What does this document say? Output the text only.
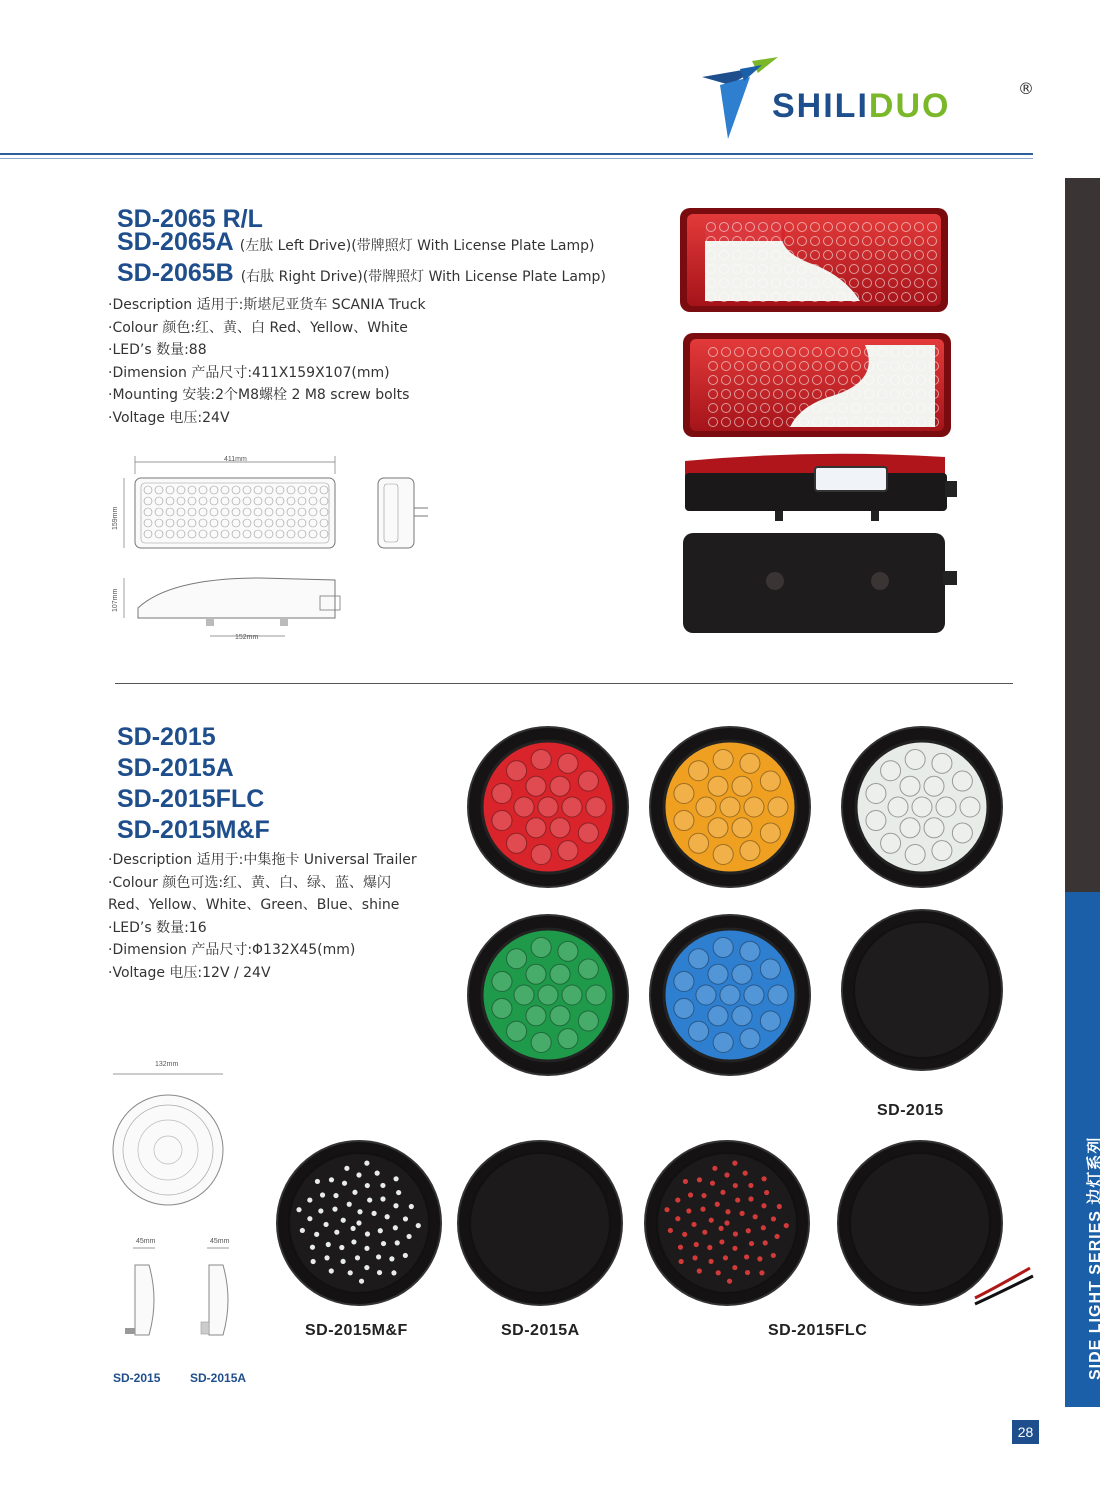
SHILIDUO	®
SIDE LIGHT SERIES 边灯系列
SD-2065 R/L
SD-2065A (左肽 Left Drive)(带牌照灯 With License Plate Lamp)
SD-2065B (右肽 Right Drive)(带牌照灯 With License Plate Lamp)
·Description 适用于:斯堪尼亚货车 SCANIA Truck
·Colour 颜色:红、黄、白 Red、Yellow、White
·LED’s 数量:88
·Dimension 产品尺寸:411X159X107(mm)
·Mounting 安装:2个M8螺栓 2 M8 screw bolts
·Voltage 电压:24V
411mm
159mm
107mm
152mm
SD-2015
SD-2015A
SD-2015FLC
SD-2015M&F
·Description 适用于:中集拖卡 Universal Trailer
·Colour 颜色可选:红、黄、白、绿、蓝、爆闪
Red、Yellow、White、Green、Blue、shine
·LED’s 数量:16
·Dimension 产品尺寸:Φ132X45(mm)
·Voltage 电压:12V / 24V
SD-2015
132mm
45mm	45mm
SD-2015 SD-2015A
SD-2015M&F	SD-2015A	SD-2015FLC
28
